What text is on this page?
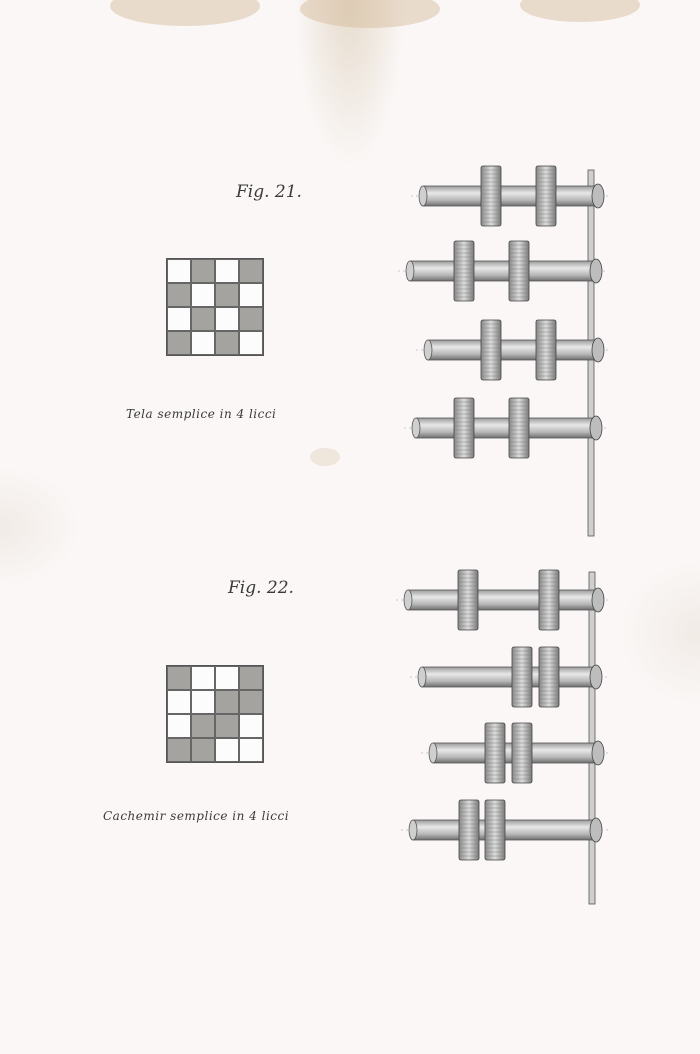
Fig. 21.
Tela semplice in 4 licci
Fig. 22.
Cachemir semplice in 4 licci
